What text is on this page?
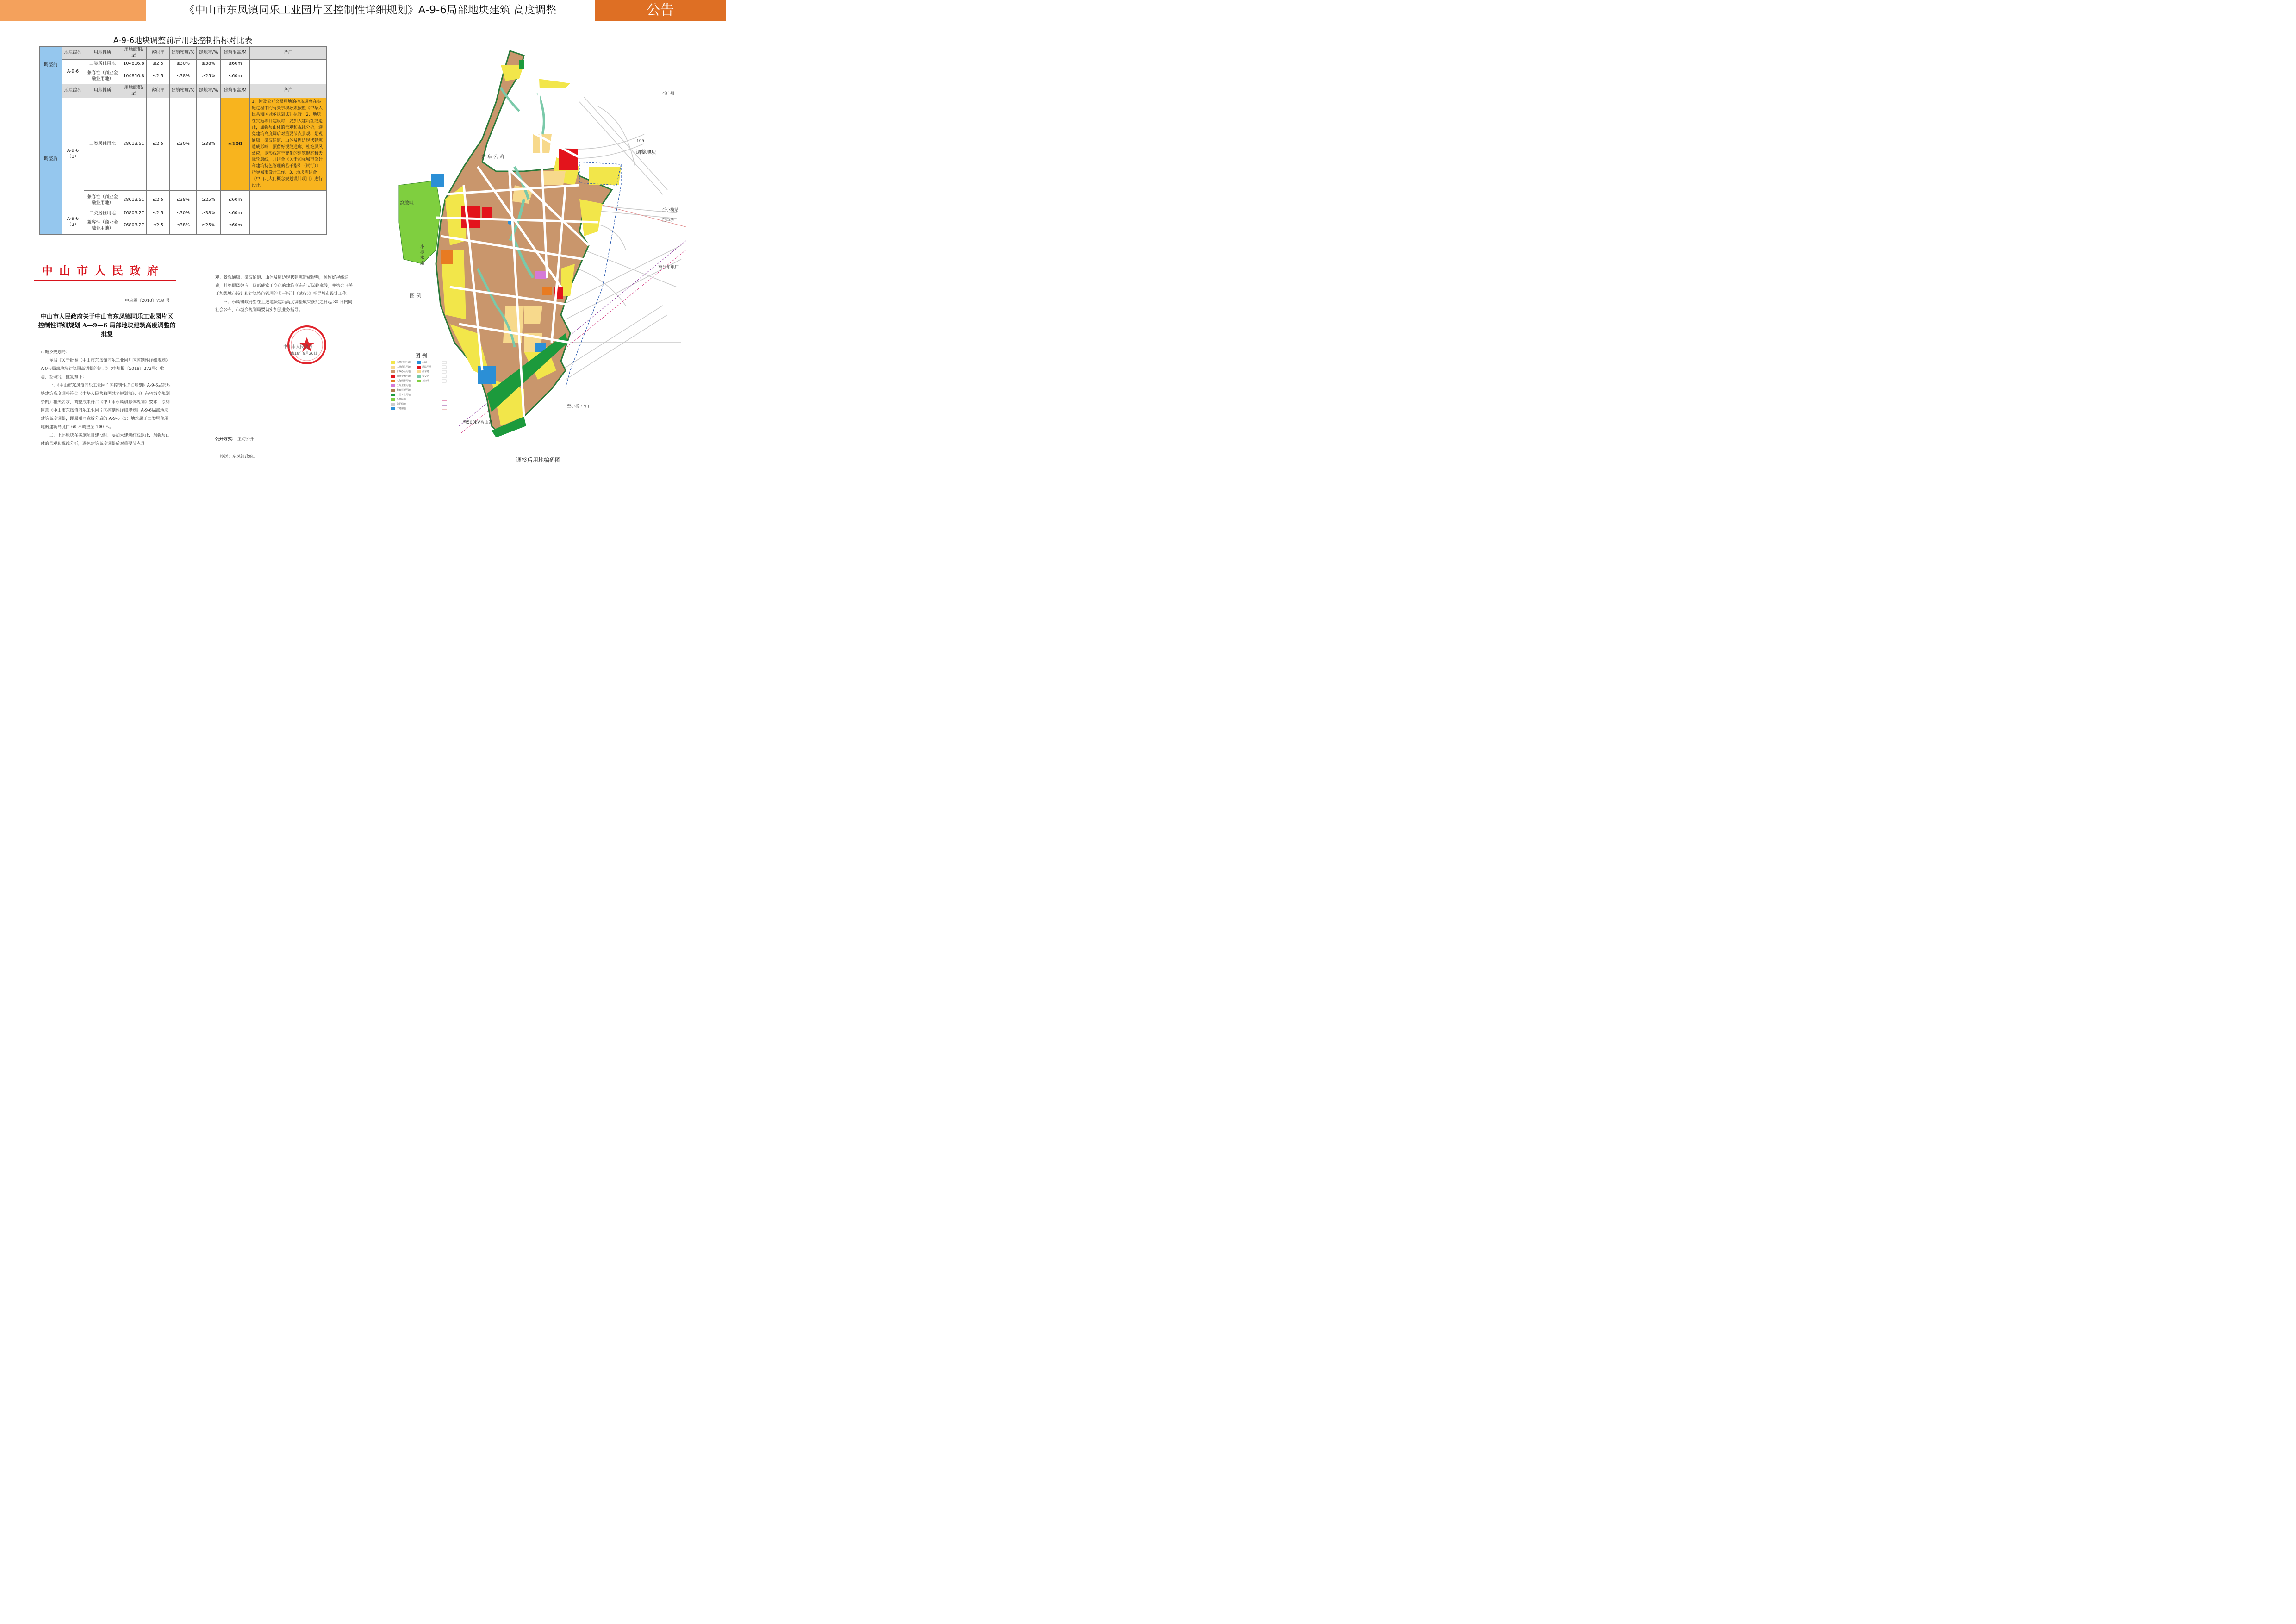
《中山市东凤镇同乐工业园片区控制性详细规划》A-9-6局部地块建筑 高度调整	公告
A-9-6地块调整前后用地控制指标对比表
调整前	地块编码	用地性质	用地面积/㎡	容积率	建筑密度/%	绿地率/%	建筑限高/M	备注
	A-9-6	二类居住用地	104816.8	≤2.5	≤30%	≥38%	≤60m	
		兼容性（商业金融业用地）	104816.8	≤2.5	≤38%	≥25%	≤60m	
调整后	地块编码	用地性质	用地面积/㎡	容积率	建筑密度/%	绿地率/%	建筑限高/M	备注
	A-9-6（1）	二类居住用地	28013.51	≤2.5	≤30%	≥38%	≤100	1、涉及公开交易用地的控规调整在实施过程中的有关事项必须按照《中华人民共和国城乡规划法》执行。2、地块在实施项目建设时，要加大建筑红线退让，加强与山体的景观和视线分析，避免建筑高度调后对重要节点景观、景观通廊、微波通道、山体及周边现状建筑造成影响，预留好视线通廊，杜绝屏风效应，以形成富于变化的建筑形态和天际轮廓线，并结合《关于加强城市设计和建筑特色管理的若干指引（试行）》指导城市设计工作。3、地块需结合《中山北大门概念规划设计项目》进行设计。
		兼容性（商业金融业用地）	28013.51	≤2.5	≤38%	≥25%	≤60m	
	A-9-6（2）	二类居住用地	76803.27	≤2.5	≤30%	≥38%	≤60m	
		兼容性（商业金融业用地）	76803.27	≤2.5	≤38%	≥25%	≤60m	
中山市人民政府
中府函〔2018〕739 号
中山市人民政府关于中山市东凤镇同乐工业园片区控制性详细规划 A—9—6 局部地块建筑高度调整的批复

市城乡规划局：

你局《关于批准〈中山市东凤镇同乐工业园片区控制性详细规划〉A-9-6局部地块建筑限高调整的请示》（中规报〔2018〕272号）收悉，经研究，批复如下：

一、《中山市东凤镇同乐工业园片区控制性详细规划》A-9-6局部地块建筑高度调整符合《中华人民共和国城乡规划法》、《广东省城乡规划条例》相关要求，调整成果符合《中山市东凤镇总体规划》要求，原则同意《中山市东凤镇同乐工业园片区控制性详细规划》A-9-6局部地块建筑高度调整，即原则同意拆分后的 A-9-6（1）地块属于二类居住用地的建筑高度由 60 米调整至 100 米。

二、上述地块在实施项目建设时，要加大建筑红线退让，加强与山体的景观和视线分析，避免建筑高度调整后对重要节点景

观、景观通廊、微波通道、山体及周边现状建筑造成影响，预留好视线通廊，杜绝屏风效应，以形成富于变化的建筑形态和天际轮廓线，并结合《关于加强城市设计和建筑特色管理的若干指引（试行）》指导城市设计工作。

三、东凤镇政府要在上述地块建筑高度调整成果获批之日起 30 日内向社会公布，市城乡规划局要切实加强业务指导。

中山市人民政府
2018年9月26日
公开方式： 主动公开
抄送：东凤镇政府。
窝敢咀
调整地块
至广州
至小榄站
至阜沙
至沙角电厂
至小榄·中山
至500kV香山站
105
东 阜 公 路
图 例
小 榄 水 道
图 例
二类居住用地
二类商住用地
行政办公用地
商业金融用地
文化娱乐用地
医疗卫生用地
教育科研用地
一类工业用地
公共绿地
防护绿地
广场用地
水域
道路用地
停车场
公交站
加油站
调整后用地编码图
